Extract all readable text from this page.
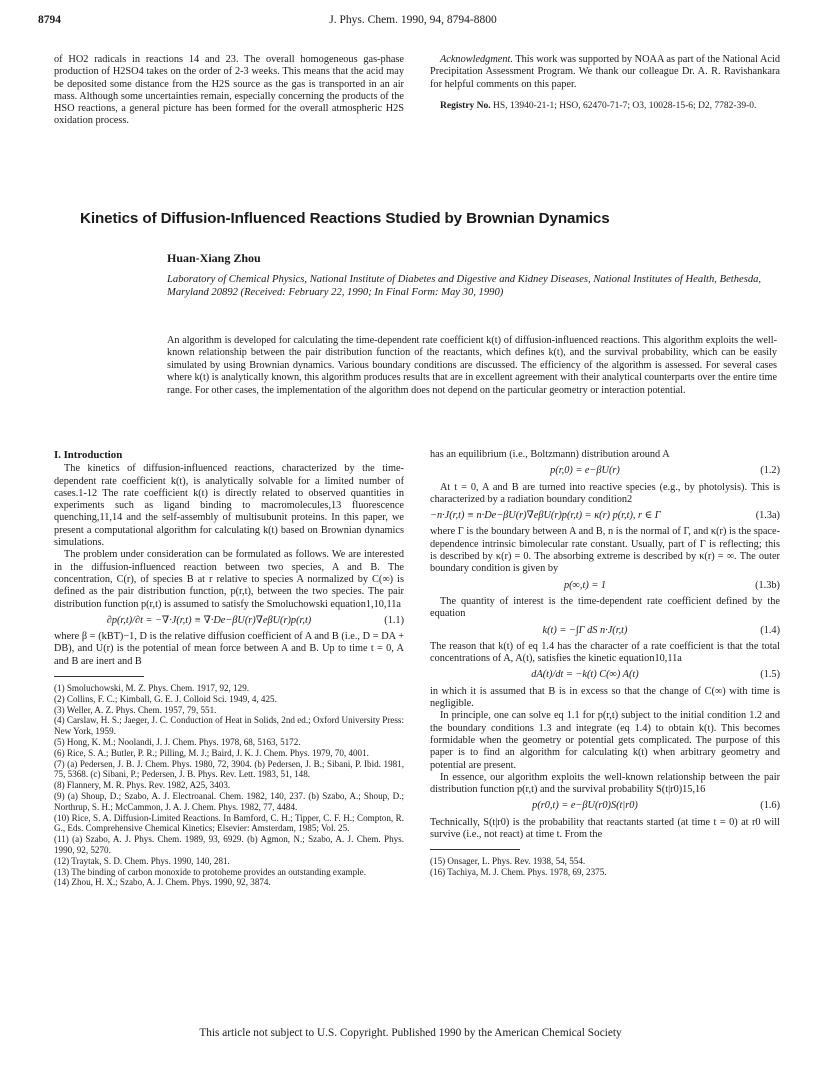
8794	J. Phys. Chem. 1990, 94, 8794-8800

of HO2 radicals in reactions 14 and 23. The overall homogeneous gas-phase production of H2SO4 takes on the order of 2-3 weeks. This means that the acid may be deposited some distance from the H2S source as the gas is transported in an air mass. Although some uncertainties remain, especially concerning the products of the HSO reactions, a general picture has been formed for the overall atmospheric H2S oxidation process.

Acknowledgment. This work was supported by NOAA as part of the National Acid Precipitation Assessment Program. We thank our colleague Dr. A. R. Ravishankara for helpful comments on this paper.

Registry No. HS, 13940-21-1; HSO, 62470-71-7; O3, 10028-15-6; D2, 7782-39-0.

Kinetics of Diffusion-Influenced Reactions Studied by Brownian Dynamics
Huan-Xiang Zhou
Laboratory of Chemical Physics, National Institute of Diabetes and Digestive and Kidney Diseases, National Institutes of Health, Bethesda, Maryland 20892 (Received: February 22, 1990; In Final Form: May 30, 1990)

An algorithm is developed for calculating the time-dependent rate coefficient k(t) of diffusion-influenced reactions. This algorithm exploits the well-known relationship between the pair distribution function of the reactants, which defines k(t), and the survival probability, which can be easily simulated by using Brownian dynamics. Various boundary conditions are discussed. The efficiency of the algorithm is assessed. For several cases where k(t) is analytically known, this algorithm produces results that are in excellent agreement with their analytical counterparts over the entire time range. For other cases, the implementation of the algorithm does not depend on the particular geometry or interaction potential.

I. Introduction

The kinetics of diffusion-influenced reactions, characterized by the time-dependent rate coefficient k(t), is analytically solvable for a limited number of cases.1-12 The rate coefficient k(t) is directly related to observed quantities in experiments such as ligand binding to macromolecules,13 fluorescence quenching,11,14 and the self-assembly of multisubunit proteins. In this paper, we present a computational algorithm for calculating k(t) based on Brownian dynamics simulations.

The problem under consideration can be formulated as follows. We are interested in the diffusion-influenced reaction between two species, A and B. The concentration, C(r), of species B at r relative to species A normalized by C(∞) is defined as the pair distribution function, p(r,t), between the two species. The pair distribution function p(r,t) is assumed to satisfy the Smoluchowski equation1,10,11a

∂p(r,t)/∂t = −∇·J(r,t) ≡ ∇·De−βU(r)∇eβU(r)p(r,t)	(1.1)

where β = (kBT)−1, D is the relative diffusion coefficient of A and B (i.e., D = DA + DB), and U(r) is the potential of mean force between A and B. Up to time t = 0, A and B are inert and B

(1) Smoluchowski, M. Z. Phys. Chem. 1917, 92, 129.
(2) Collins, F. C.; Kimball, G. E. J. Colloid Sci. 1949, 4, 425.
(3) Weller, A. Z. Phys. Chem. 1957, 79, 551.
(4) Carslaw, H. S.; Jaeger, J. C. Conduction of Heat in Solids, 2nd ed.; Oxford University Press: New York, 1959.
(5) Hong, K. M.; Noolandi, J. J. Chem. Phys. 1978, 68, 5163, 5172.
(6) Rice, S. A.; Butler, P. R.; Pilling, M. J.; Baird, J. K. J. Chem. Phys. 1979, 70, 4001.
(7) (a) Pedersen, J. B. J. Chem. Phys. 1980, 72, 3904. (b) Pedersen, J. B.; Sibani, P. Ibid. 1981, 75, 5368. (c) Sibani, P.; Pedersen, J. B. Phys. Rev. Lett. 1983, 51, 148.
(8) Flannery, M. R. Phys. Rev. 1982, A25, 3403.
(9) (a) Shoup, D.; Szabo, A. J. Electroanal. Chem. 1982, 140, 237. (b) Szabo, A.; Shoup, D.; Northrup, S. H.; McCammon, J. A. J. Chem. Phys. 1982, 77, 4484.
(10) Rice, S. A. Diffusion-Limited Reactions. In Bamford, C. H.; Tipper, C. F. H.; Compton, R. G., Eds. Comprehensive Chemical Kinetics; Elsevier: Amsterdam, 1985; Vol. 25.
(11) (a) Szabo, A. J. Phys. Chem. 1989, 93, 6929. (b) Agmon, N.; Szabo, A. J. Chem. Phys. 1990, 92, 5270.
(12) Traytak, S. D. Chem. Phys. 1990, 140, 281.
(13) The binding of carbon monoxide to protoheme provides an outstanding example.
(14) Zhou, H. X.; Szabo, A. J. Chem. Phys. 1990, 92, 3874.

has an equilibrium (i.e., Boltzmann) distribution around A

p(r,0) = e−βU(r)	(1.2)

At t = 0, A and B are turned into reactive species (e.g., by photolysis). This is characterized by a radiation boundary condition2

−n·J(r,t) ≡ n·De−βU(r)∇eβU(r)p(r,t) = κ(r) p(r,t), r ∈ Γ	(1.3a)

where Γ is the boundary between A and B, n is the normal of Γ, and κ(r) is the space-dependence intrinsic bimolecular rate constant. Usually, part of Γ is reflecting; this is described by κ(r) = 0. The absorbing extreme is described by κ(r) = ∞. The outer boundary condition is given by

p(∞,t) = 1	(1.3b)

The quantity of interest is the time-dependent rate coefficient defined by the equation

k(t) = −∫Γ dS n·J(r,t)	(1.4)

The reason that k(t) of eq 1.4 has the character of a rate coefficient is that the total concentrations of A, A(t), satisfies the kinetic equation10,11a

dA(t)/dt = −k(t) C(∞) A(t)	(1.5)

in which it is assumed that B is in excess so that the change of C(∞) with time is negligible.

In principle, one can solve eq 1.1 for p(r,t) subject to the initial condition 1.2 and the boundary conditions 1.3 and integrate (eq 1.4) to obtain k(t). This becomes formidable when the geometry or potential gets complicated. The purpose of this paper is to find an algorithm for calculating k(t) when arbitrary geometry and potential are present.

In essence, our algorithm exploits the well-known relationship between the pair distribution function p(r,t) and the survival probability S(t|r0)15,16

p(r0,t) = e−βU(r0)S(t|r0)	(1.6)

Technically, S(t|r0) is the probability that reactants started (at time t = 0) at r0 will survive (i.e., not react) at time t. From the

(15) Onsager, L. Phys. Rev. 1938, 54, 554.
(16) Tachiya, M. J. Chem. Phys. 1978, 69, 2375.
This article not subject to U.S. Copyright. Published 1990 by the American Chemical Society
